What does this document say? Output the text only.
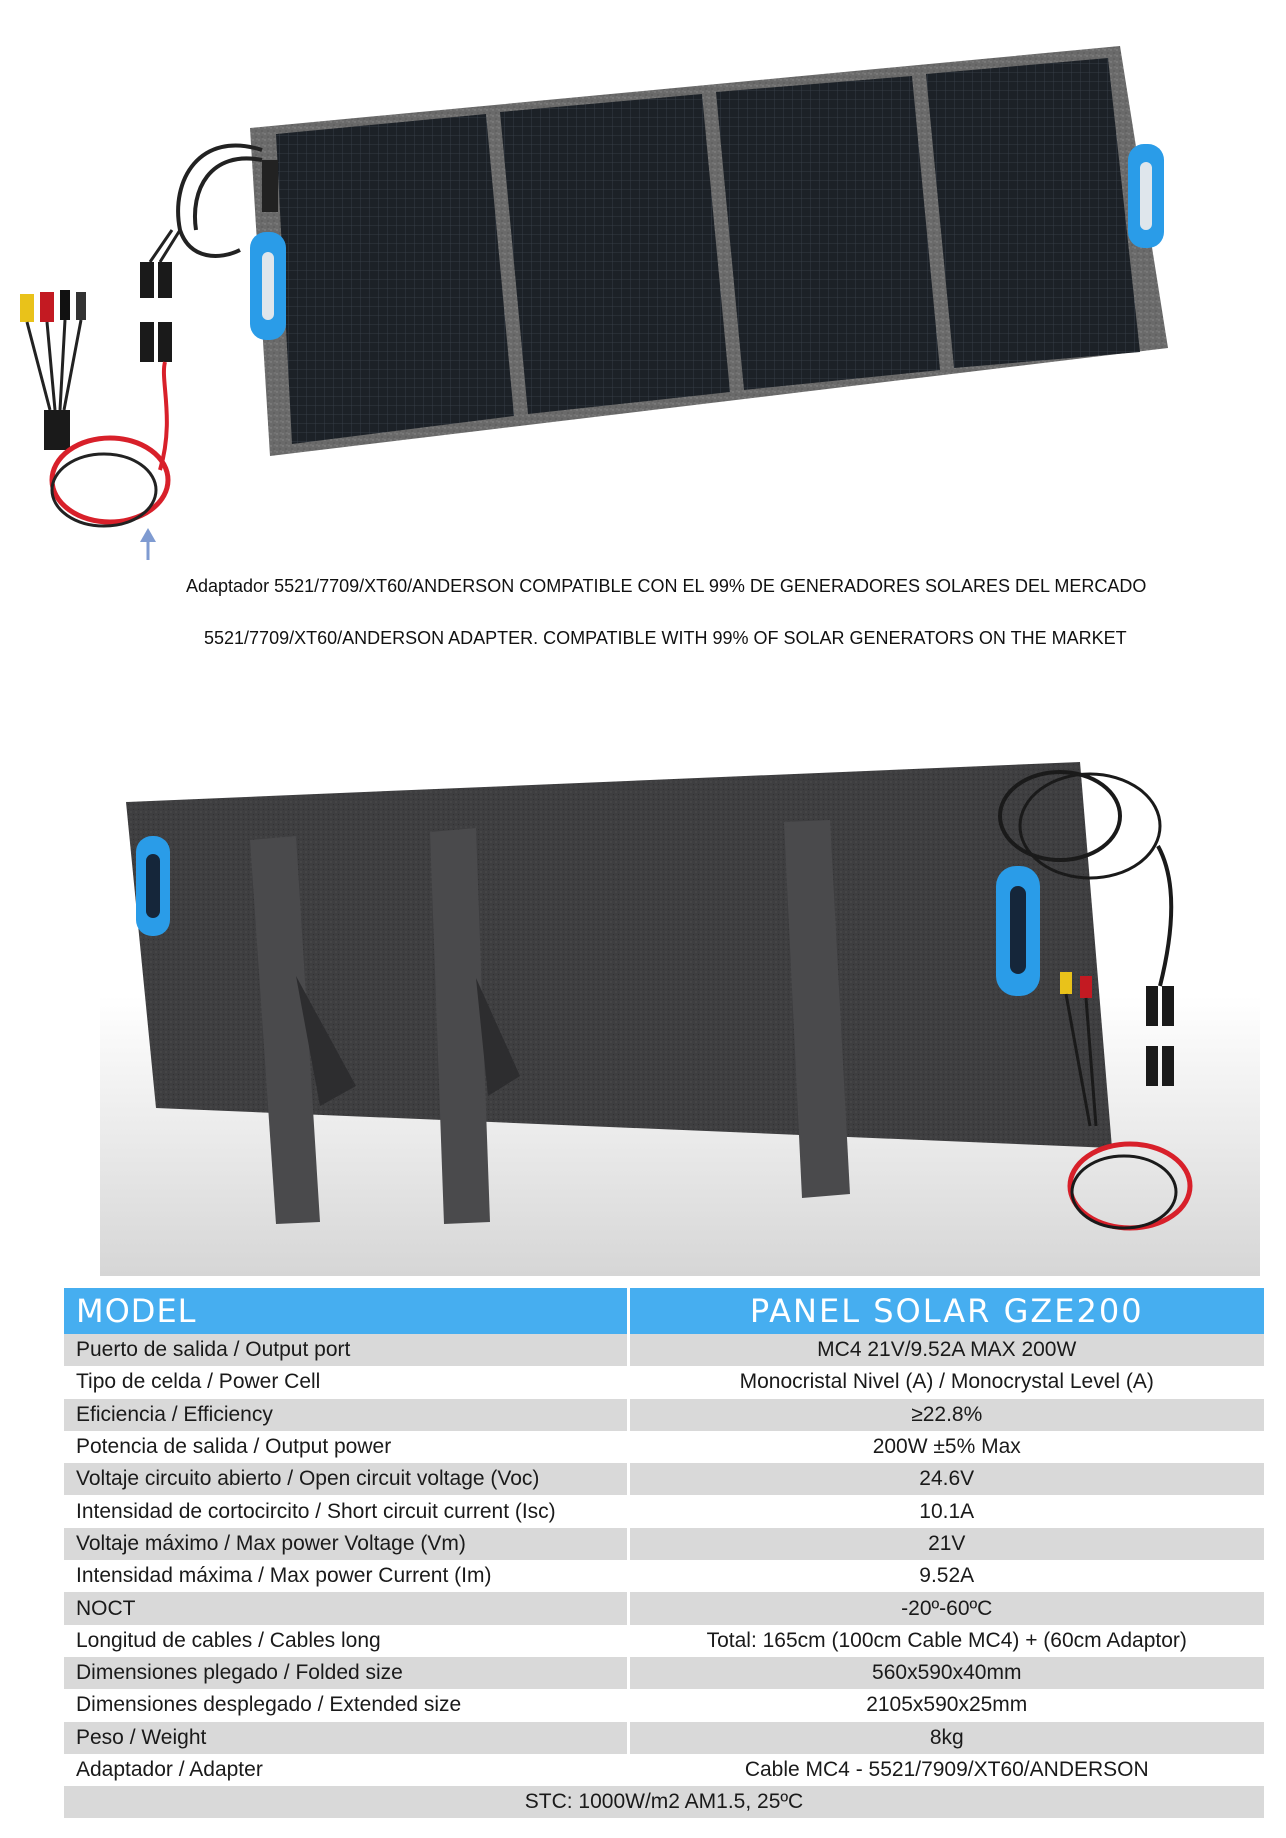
Adaptador 5521/7709/XT60/ANDERSON COMPATIBLE CON EL 99% DE GENERADORES SOLARES DEL MERCADO
5521/7709/XT60/ANDERSON ADAPTER. COMPATIBLE WITH 99% OF SOLAR GENERATORS ON THE MARKET
MODEL	PANEL SOLAR GZE200
Puerto de salida / Output port	MC4 21V/9.52A MAX 200W
Tipo de celda / Power Cell	Monocristal Nivel (A) / Monocrystal Level (A)
Eficiencia / Efficiency	≥22.8%
Potencia de salida / Output power	200W ±5% Max
Voltaje circuito abierto / Open circuit voltage (Voc)	24.6V
Intensidad de cortocircito / Short circuit current (Isc)	10.1A
Voltaje máximo / Max power Voltage (Vm)	21V
Intensidad máxima / Max power Current (Im)	9.52A
NOCT	-20º-60ºC
Longitud de cables / Cables long	Total: 165cm (100cm Cable MC4) + (60cm Adaptor)
Dimensiones plegado / Folded size	560x590x40mm
Dimensiones desplegado / Extended size	2105x590x25mm
Peso / Weight	8kg
Adaptador / Adapter	Cable MC4 - 5521/7909/XT60/ANDERSON
STC: 1000W/m2 AM1.5, 25ºC	
